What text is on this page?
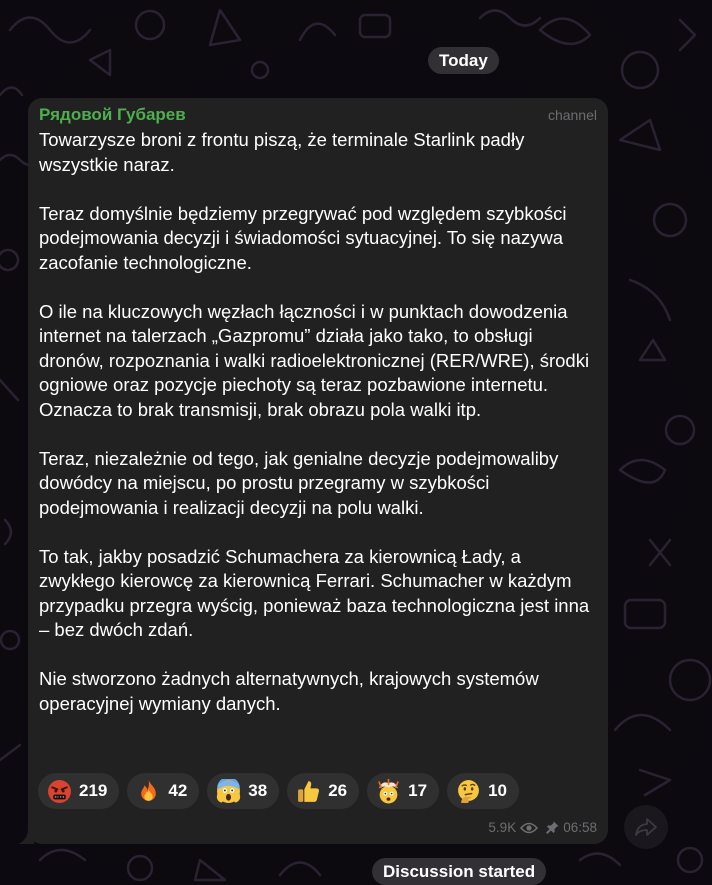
Today
Рядовой Губарев	channel

Towarzysze broni z frontu piszą, że terminale Starlink padły wszystkie naraz.

Teraz domyślnie będziemy przegrywać pod względem szybkości podejmowania decyzji i świadomości sytuacyjnej. To się nazywa zacofanie technologiczne.

O ile na kluczowych węzłach łączności i w punktach dowodzenia internet na talerzach „Gazpromu” działa jako tako, to obsługi dronów, rozpoznania i walki radioelektronicznej (RER/WRE), środki ogniowe oraz pozycje piechoty są teraz pozbawione internetu. Oznacza to brak transmisji, brak obrazu pola walki itp.

Teraz, niezależnie od tego, jak genialne decyzje podejmowaliby dowódcy na miejscu, po prostu przegramy w szybkości podejmowania i realizacji decyzji na polu walki.

To tak, jakby posadzić Schumachera za kierownicą Łady, a zwykłego kierowcę za kierownicą Ferrari. Schumacher w każdym przypadku przegra wyścig, ponieważ baza technologiczna jest inna – bez dwóch zdań.

Nie stworzono żadnych alternatywnych, krajowych systemów operacyjnej wymiany danych.

219	42	38	26	17	10
5.9K	06:58
Discussion started
